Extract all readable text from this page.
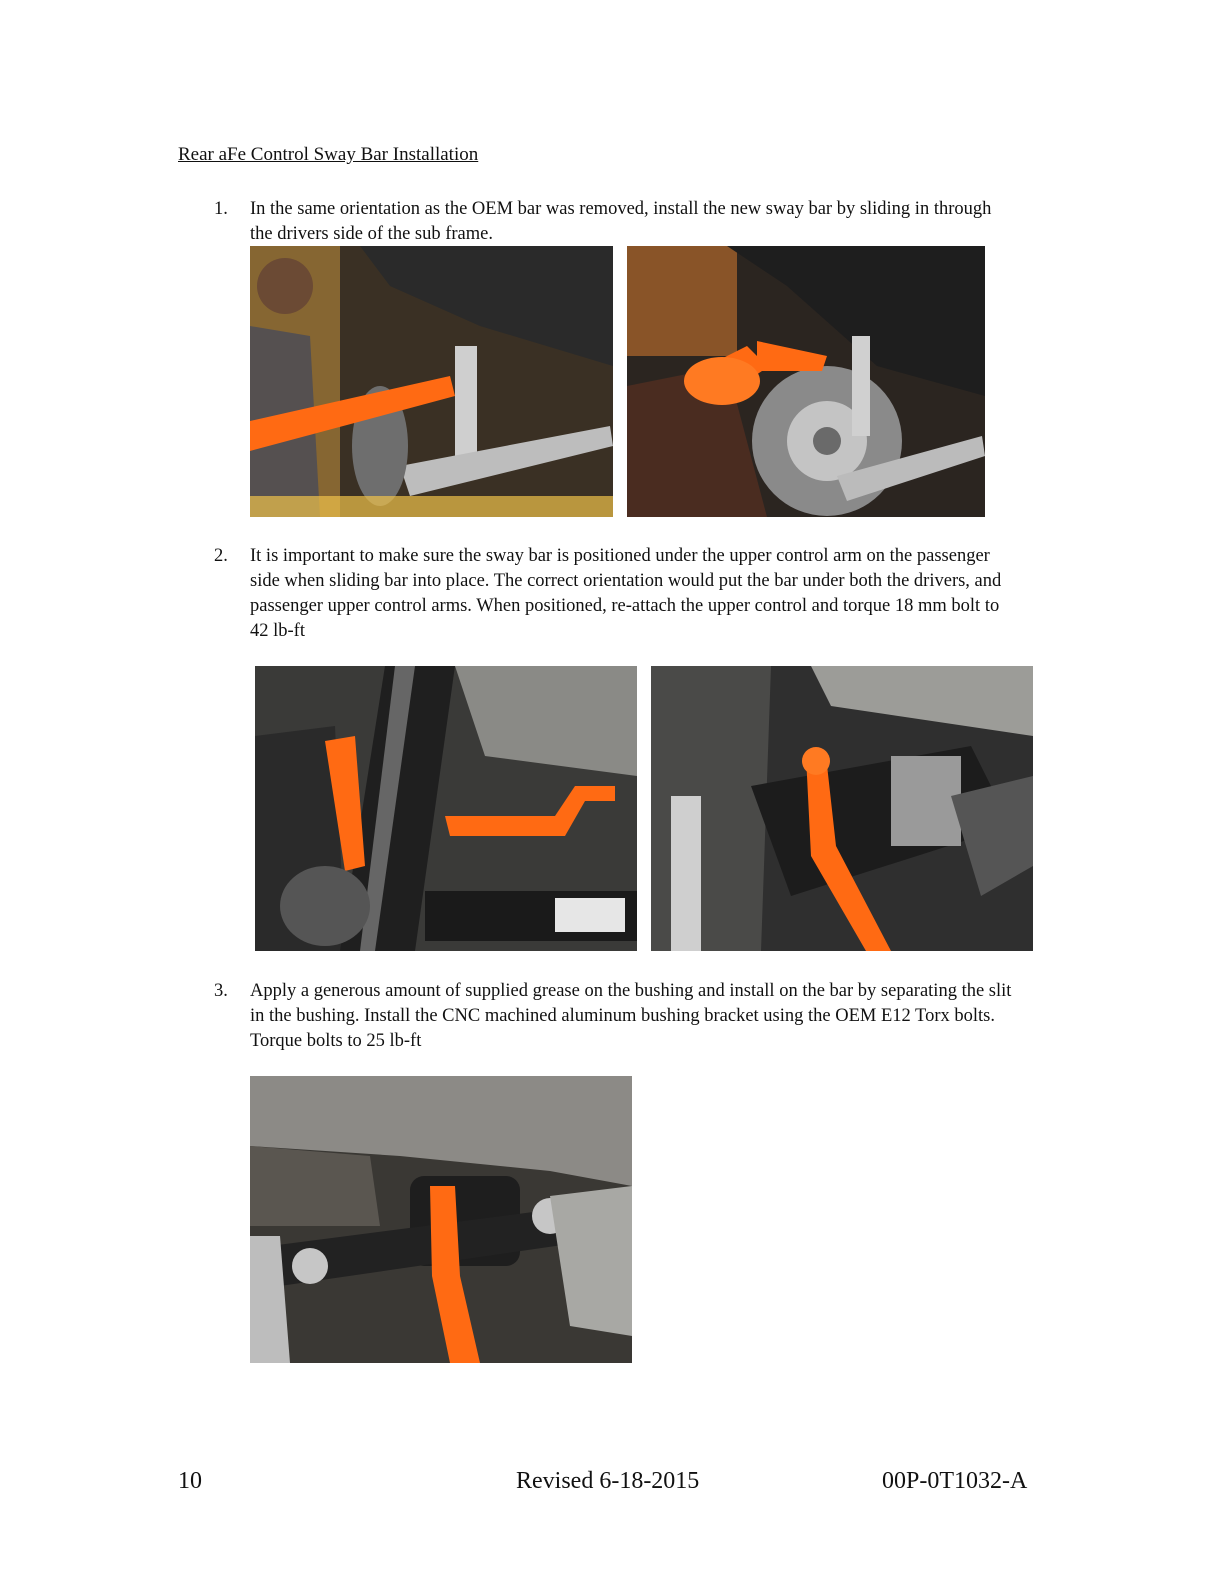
Rear aFe Control Sway Bar Installation
1.	In the same orientation as the OEM bar was removed, install the new sway bar by sliding in through the drivers side of the sub frame.
2.	It is important to make sure the sway bar is positioned under the upper control arm on the passenger side when sliding bar into place. The correct orientation would put the bar under both the drivers, and passenger upper control arms. When positioned, re-attach the upper control and torque 18 mm bolt to 42 lb-ft
3.	Apply a generous amount of supplied grease on the bushing and install on the bar by separating the slit in the bushing. Install the CNC machined aluminum bushing bracket using the OEM E12 Torx bolts. Torque bolts to 25 lb-ft
10	Revised 6-18-2015	00P-0T1032-A
